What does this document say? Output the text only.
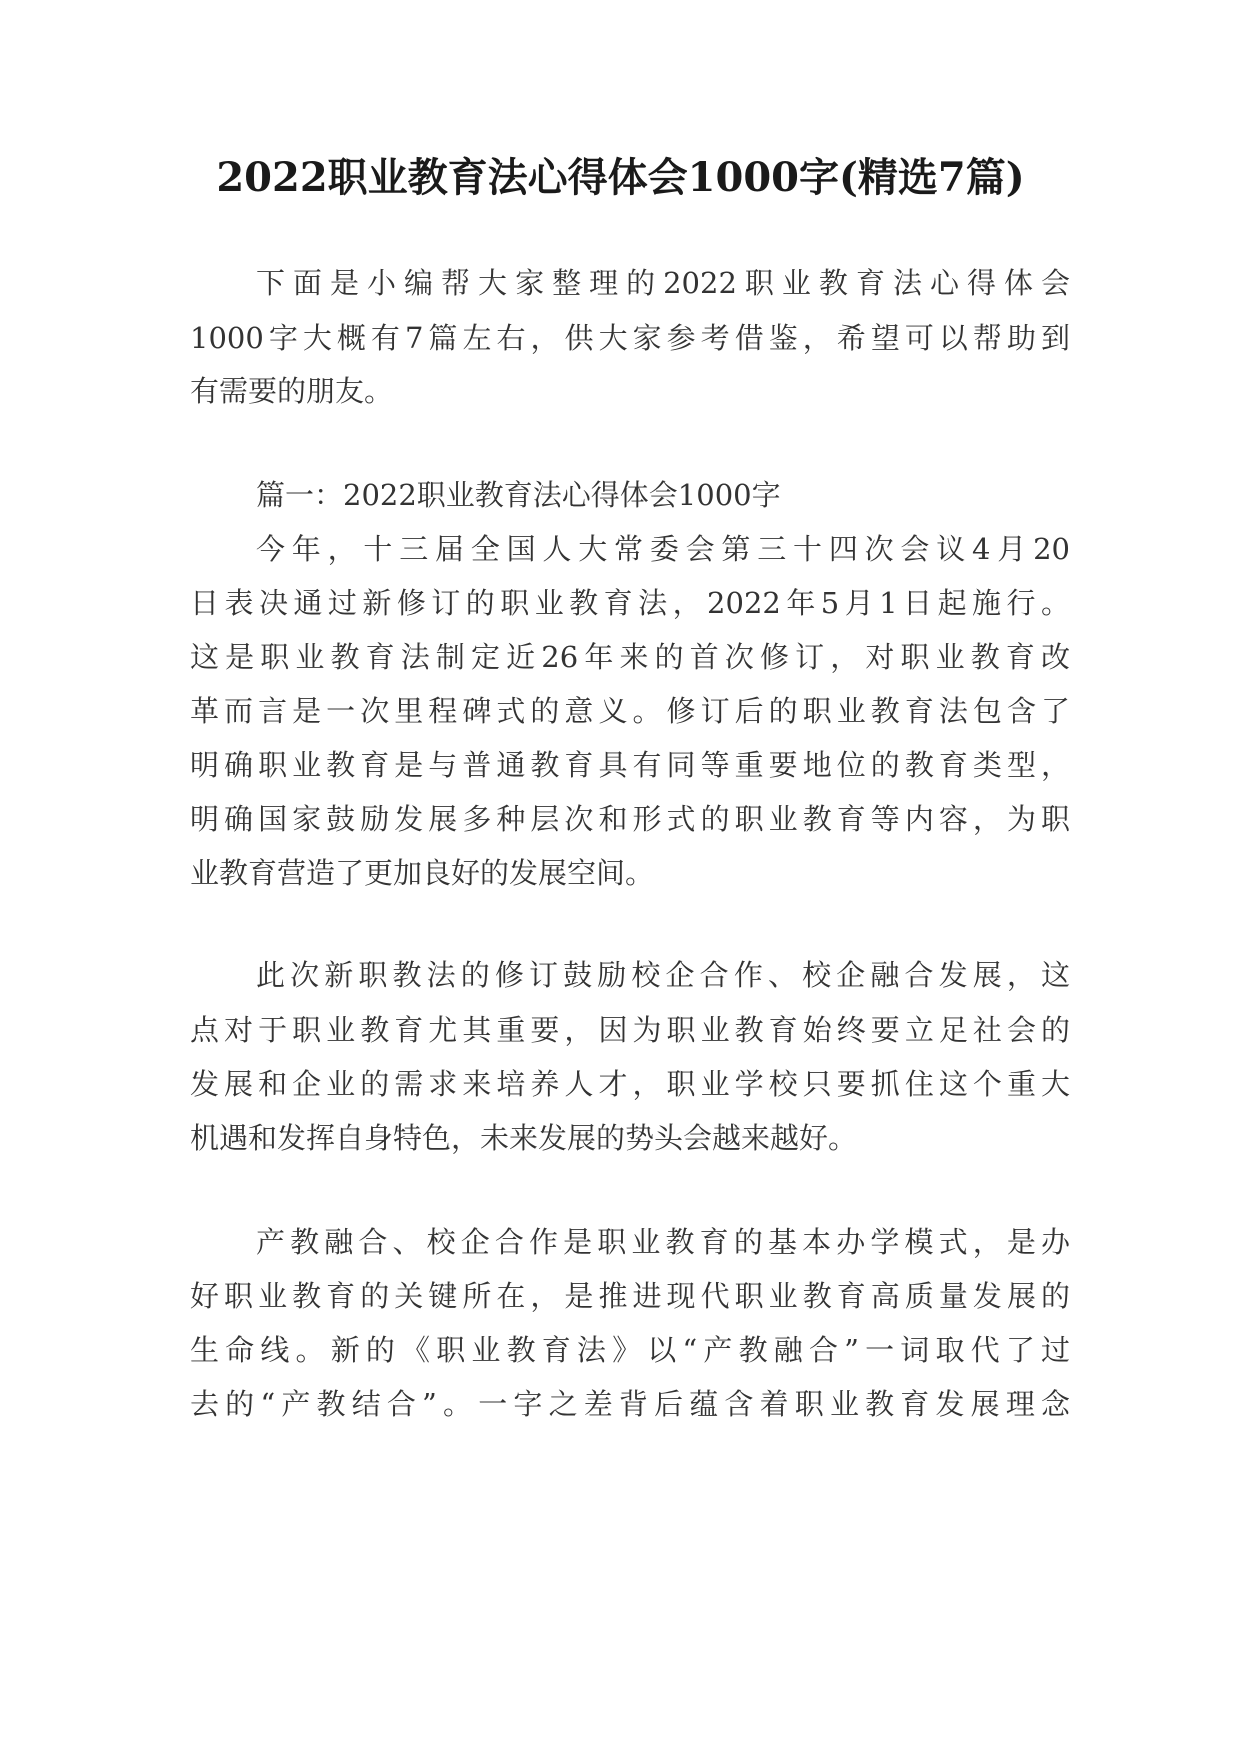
2022职业教育法心得体会1000字(精选7篇)
下面是小编帮大家整理的2022职业教育法心得体会
1000字大概有7篇左右，供大家参考借鉴，希望可以帮助到
有需要的朋友。
篇一：2022职业教育法心得体会1000字
今年，十三届全国人大常委会第三十四次会议4月20
日表决通过新修订的职业教育法，2022年5月1日起施行。
这是职业教育法制定近26年来的首次修订，对职业教育改
革而言是一次里程碑式的意义。修订后的职业教育法包含了
明确职业教育是与普通教育具有同等重要地位的教育类型，
明确国家鼓励发展多种层次和形式的职业教育等内容，为职
业教育营造了更加良好的发展空间。
此次新职教法的修订鼓励校企合作、校企融合发展，这
点对于职业教育尤其重要，因为职业教育始终要立足社会的
发展和企业的需求来培养人才，职业学校只要抓住这个重大
机遇和发挥自身特色，未来发展的势头会越来越好。
产教融合、校企合作是职业教育的基本办学模式，是办
好职业教育的关键所在，是推进现代职业教育高质量发展的
生命线。新的《职业教育法》以“产教融合”一词取代了过
去的“产教结合”。一字之差背后蕴含着职业教育发展理念
